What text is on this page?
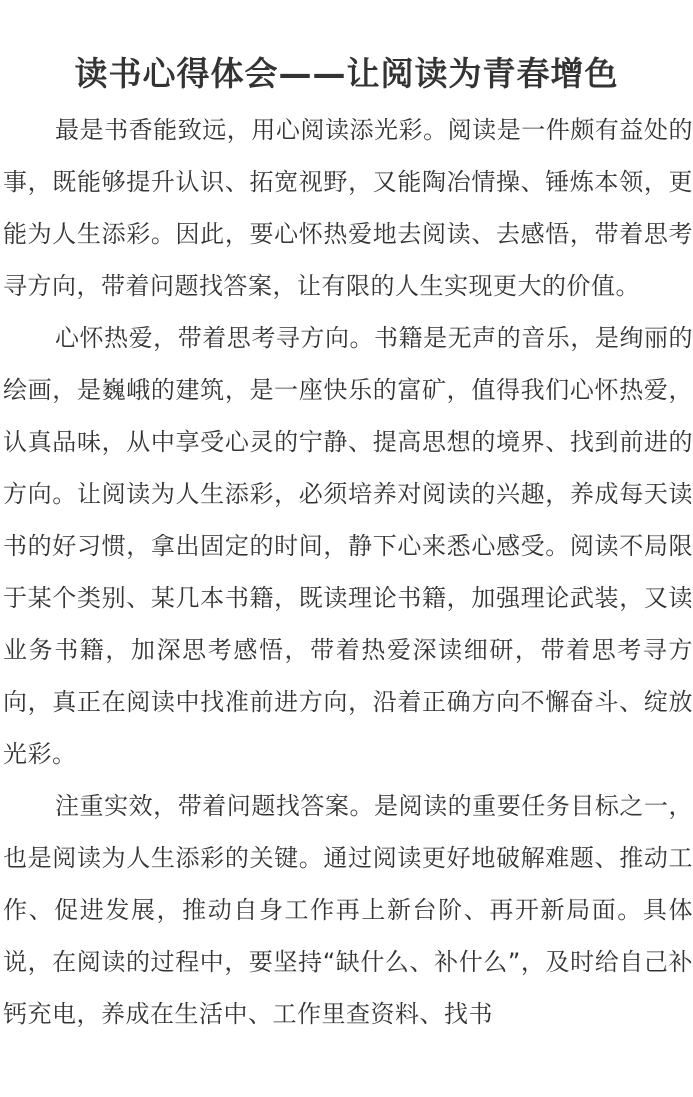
读书心得体会——让阅读为青春增色

最是书香能致远，用心阅读添光彩。阅读是一件颇有益处的事，既能够提升认识、拓宽视野，又能陶冶情操、锤炼本领，更能为人生添彩。因此，要心怀热爱地去阅读、去感悟，带着思考寻方向，带着问题找答案，让有限的人生实现更大的价值。

心怀热爱，带着思考寻方向。书籍是无声的音乐，是绚丽的绘画，是巍峨的建筑，是一座快乐的富矿，值得我们心怀热爱，认真品味，从中享受心灵的宁静、提高思想的境界、找到前进的方向。让阅读为人生添彩，必须培养对阅读的兴趣，养成每天读书的好习惯，拿出固定的时间，静下心来悉心感受。阅读不局限于某个类别、某几本书籍，既读理论书籍，加强理论武装，又读业务书籍，加深思考感悟，带着热爱深读细研，带着思考寻方向，真正在阅读中找准前进方向，沿着正确方向不懈奋斗、绽放光彩。

注重实效，带着问题找答案。是阅读的重要任务目标之一，也是阅读为人生添彩的关键。通过阅读更好地破解难题、推动工作、促进发展，推动自身工作再上新台阶、再开新局面。具体说，在阅读的过程中，要坚持“缺什么、补什么”，及时给自己补钙充电，养成在生活中、工作里查资料、找书
